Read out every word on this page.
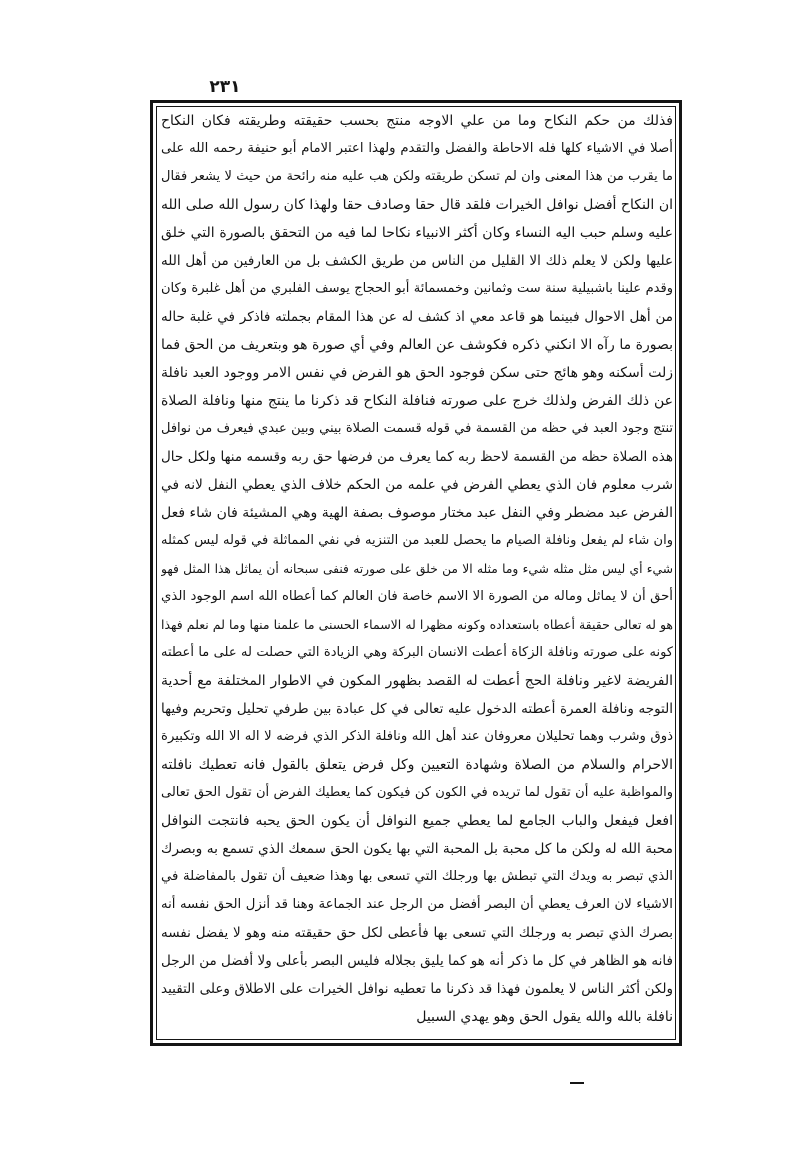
٢٣١
فذلك من حكم النكاح وما من علي الاوجه منتج بحسب حقيقته وطريقته فكان النكاح
أصلا في الاشياء كلها فله الاحاطة والفضل والتقدم ولهذا اعتبر الامام أبو حنيفة رحمه الله على
ما يقرب من هذا المعنى وان لم تسكن طريقته ولكن هب عليه منه رائحة من حيث لا يشعر فقال
ان النكاح أفضل نوافل الخيرات فلقد قال حقا وصادف حقا ولهذا كان رسول الله صلى الله
عليه وسلم حبب اليه النساء وكان أكثر الانبياء نكاحا لما فيه من التحقق بالصورة التي خلق
عليها ولكن لا يعلم ذلك الا القليل من الناس من طريق الكشف بل من العارفين من أهل الله
وقدم علينا باشبيلية سنة ست وثمانين وخمسمائة أبو الحجاج يوسف الفلبري من أهل غلبرة وكان
من أهل الاحوال فبينما هو قاعد معي اذ كشف له عن هذا المقام بجملته فاذكر في غلبة حاله
بصورة ما رآه الا انكني ذكره فكوشف عن العالم وفي أي صورة هو وبتعريف من الحق فما
زلت أسكنه وهو هائج حتى سكن فوجود الحق هو الفرض في نفس الامر ووجود العبد نافلة
عن ذلك الفرض ولذلك خرج على صورته فنافلة النكاح قد ذكرنا ما ينتج منها ونافلة الصلاة
تنتج وجود العبد في حظه من القسمة في قوله قسمت الصلاة بيني وبين عبدي فيعرف من نوافل
هذه الصلاة حظه من القسمة لاحظ ربه كما يعرف من فرضها حق ربه وقسمه منها ولكل حال
شرب معلوم فان الذي يعطي الفرض في علمه من الحكم خلاف الذي يعطي النفل لانه في
الفرض عبد مضطر وفي النفل عبد مختار موصوف بصفة الهية وهي المشيئة فان شاء فعل
وان شاء لم يفعل ونافلة الصيام ما يحصل للعبد من التنزيه في نفي المماثلة في قوله ليس كمثله
شيء أي ليس مثل مثله شيء وما مثله الا من خلق على صورته فنفى سبحانه أن يماثل هذا المثل فهو
أحق أن لا يماثل وماله من الصورة الا الاسم خاصة فان العالم كما أعطاه الله اسم الوجود الذي
هو له تعالى حقيقة أعطاه باستعداده وكونه مظهرا له الاسماء الحسنى ما علمنا منها وما لم نعلم فهذا
كونه على صورته ونافلة الزكاة أعطت الانسان البركة وهي الزيادة التي حصلت له على ما أعطته
الفريضة لاغير ونافلة الحج أعطت له القصد بظهور المكون في الاطوار المختلفة مع أحدية
التوجه ونافلة العمرة أعطته الدخول عليه تعالى في كل عبادة بين طرفي تحليل وتحريم وفيها
ذوق وشرب وهما تحليلان معروفان عند أهل الله ونافلة الذكر الذي فرضه لا اله الا الله وتكبيرة
الاحرام والسلام من الصلاة وشهادة التعيين وكل فرض يتعلق بالقول فانه تعطيك نافلته
والمواظبة عليه أن تقول لما تريده في الكون كن فيكون كما يعطيك الفرض أن تقول الحق تعالى
افعل فيفعل والباب الجامع لما يعطي جميع النوافل أن يكون الحق يحبه فانتجت النوافل
محبة الله له ولكن ما كل محبة بل المحبة التي بها يكون الحق سمعك الذي تسمع به وبصرك
الذي تبصر به ويدك التي تبطش بها ورجلك التي تسعى بها وهذا ضعيف أن تقول بالمفاضلة في
الاشياء لان العرف يعطي أن البصر أفضل من الرجل عند الجماعة وهنا قد أنزل الحق نفسه أنه
بصرك الذي تبصر به ورجلك التي تسعى بها فأعطى لكل حق حقيقته منه وهو لا يفضل نفسه
فانه هو الظاهر في كل ما ذكر أنه هو كما يليق بجلاله فليس البصر بأعلى ولا أفضل من الرجل
ولكن أكثر الناس لا يعلمون فهذا قد ذكرنا ما تعطيه نوافل الخيرات على الاطلاق وعلى التقييد
نافلة بالله والله يقول الحق وهو يهدي السبيل
